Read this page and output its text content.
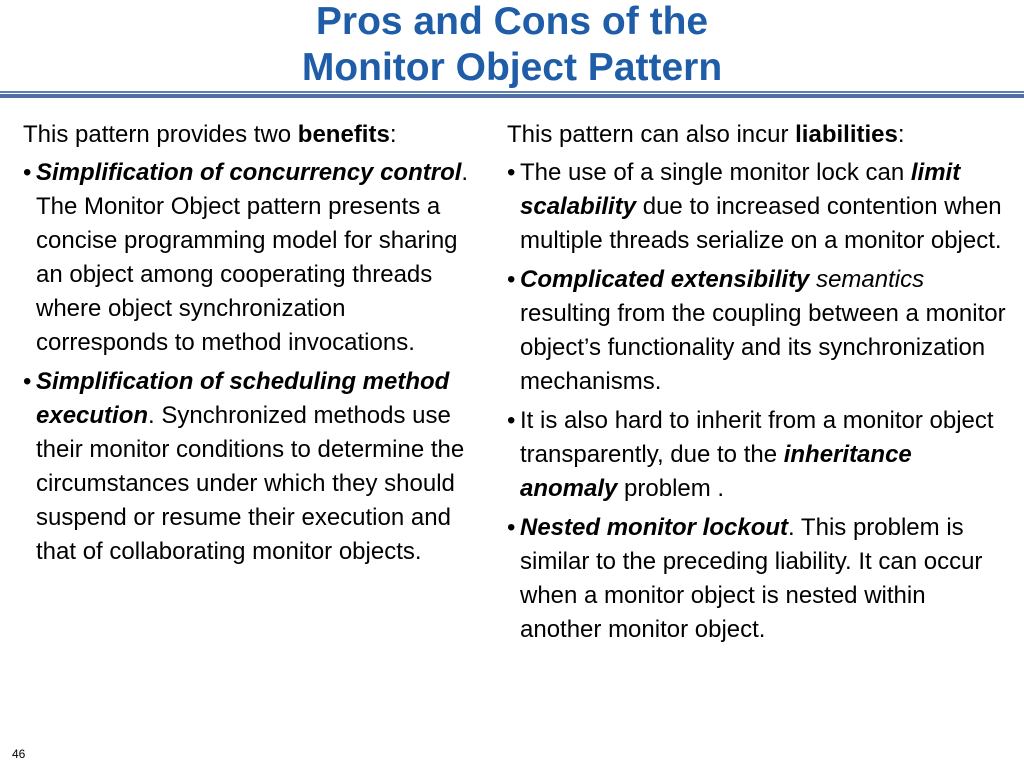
Pros and Cons of the
Monitor Object Pattern

This pattern provides two benefits:

• Simplification of concurrency control. The Monitor Object pattern presents a concise programming model for sharing an object among cooperating threads where object synchronization corresponds to method invocations.

• Simplification of scheduling method execution. Synchronized methods use their monitor conditions to determine the circumstances under which they should suspend or resume their execution and that of collaborating monitor objects.

This pattern can also incur liabilities:

• The use of a single monitor lock can limit scalability due to increased contention when multiple threads serialize on a monitor object.

• Complicated extensibility semantics resulting from the coupling between a monitor object’s functionality and its synchronization mechanisms.

• It is also hard to inherit from a monitor object transparently, due to the inheritance anomaly problem .

• Nested monitor lockout. This problem is similar to the preceding liability. It can occur when a monitor object is nested within another monitor object.

46
